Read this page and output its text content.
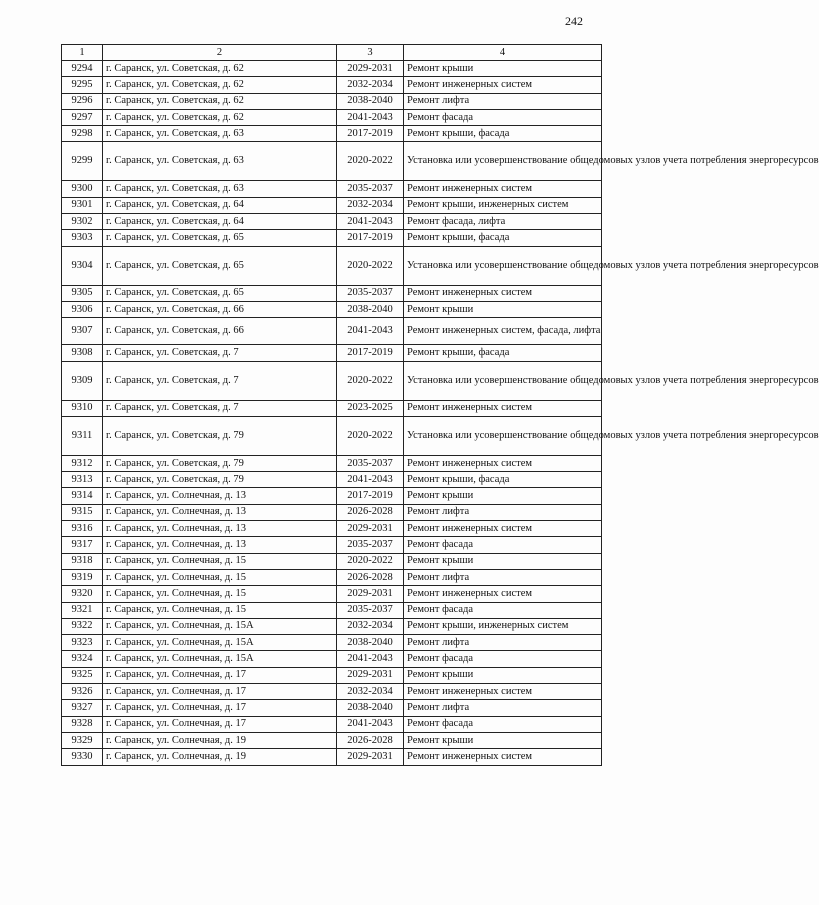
242
1	2	3	4
9294	г. Саранск, ул. Советская, д. 62	2029-2031	Ремонт крыши
9295	г. Саранск, ул. Советская, д. 62	2032-2034	Ремонт инженерных систем
9296	г. Саранск, ул. Советская, д. 62	2038-2040	Ремонт лифта
9297	г. Саранск, ул. Советская, д. 62	2041-2043	Ремонт фасада
9298	г. Саранск, ул. Советская, д. 63	2017-2019	Ремонт крыши, фасада
9299	г. Саранск, ул. Советская, д. 63	2020-2022	Установка или усовершенствование общедомовых узлов учета потребления энергоресурсов
9300	г. Саранск, ул. Советская, д. 63	2035-2037	Ремонт инженерных систем
9301	г. Саранск, ул. Советская, д. 64	2032-2034	Ремонт крыши, инженерных систем
9302	г. Саранск, ул. Советская, д. 64	2041-2043	Ремонт фасада, лифта
9303	г. Саранск, ул. Советская, д. 65	2017-2019	Ремонт крыши, фасада
9304	г. Саранск, ул. Советская, д. 65	2020-2022	Установка или усовершенствование общедомовых узлов учета потребления энергоресурсов
9305	г. Саранск, ул. Советская, д. 65	2035-2037	Ремонт инженерных систем
9306	г. Саранск, ул. Советская, д. 66	2038-2040	Ремонт крыши
9307	г. Саранск, ул. Советская, д. 66	2041-2043	Ремонт инженерных систем, фасада, лифта
9308	г. Саранск, ул. Советская, д. 7	2017-2019	Ремонт крыши, фасада
9309	г. Саранск, ул. Советская, д. 7	2020-2022	Установка или усовершенствование общедомовых узлов учета потребления энергоресурсов
9310	г. Саранск, ул. Советская, д. 7	2023-2025	Ремонт инженерных систем
9311	г. Саранск, ул. Советская, д. 79	2020-2022	Установка или усовершенствование общедомовых узлов учета потребления энергоресурсов
9312	г. Саранск, ул. Советская, д. 79	2035-2037	Ремонт инженерных систем
9313	г. Саранск, ул. Советская, д. 79	2041-2043	Ремонт крыши, фасада
9314	г. Саранск, ул. Солнечная, д. 13	2017-2019	Ремонт крыши
9315	г. Саранск, ул. Солнечная, д. 13	2026-2028	Ремонт лифта
9316	г. Саранск, ул. Солнечная, д. 13	2029-2031	Ремонт инженерных систем
9317	г. Саранск, ул. Солнечная, д. 13	2035-2037	Ремонт фасада
9318	г. Саранск, ул. Солнечная, д. 15	2020-2022	Ремонт крыши
9319	г. Саранск, ул. Солнечная, д. 15	2026-2028	Ремонт лифта
9320	г. Саранск, ул. Солнечная, д. 15	2029-2031	Ремонт инженерных систем
9321	г. Саранск, ул. Солнечная, д. 15	2035-2037	Ремонт фасада
9322	г. Саранск, ул. Солнечная, д. 15А	2032-2034	Ремонт крыши, инженерных систем
9323	г. Саранск, ул. Солнечная, д. 15А	2038-2040	Ремонт лифта
9324	г. Саранск, ул. Солнечная, д. 15А	2041-2043	Ремонт фасада
9325	г. Саранск, ул. Солнечная, д. 17	2029-2031	Ремонт крыши
9326	г. Саранск, ул. Солнечная, д. 17	2032-2034	Ремонт инженерных систем
9327	г. Саранск, ул. Солнечная, д. 17	2038-2040	Ремонт лифта
9328	г. Саранск, ул. Солнечная, д. 17	2041-2043	Ремонт фасада
9329	г. Саранск, ул. Солнечная, д. 19	2026-2028	Ремонт крыши
9330	г. Саранск, ул. Солнечная, д. 19	2029-2031	Ремонт инженерных систем
